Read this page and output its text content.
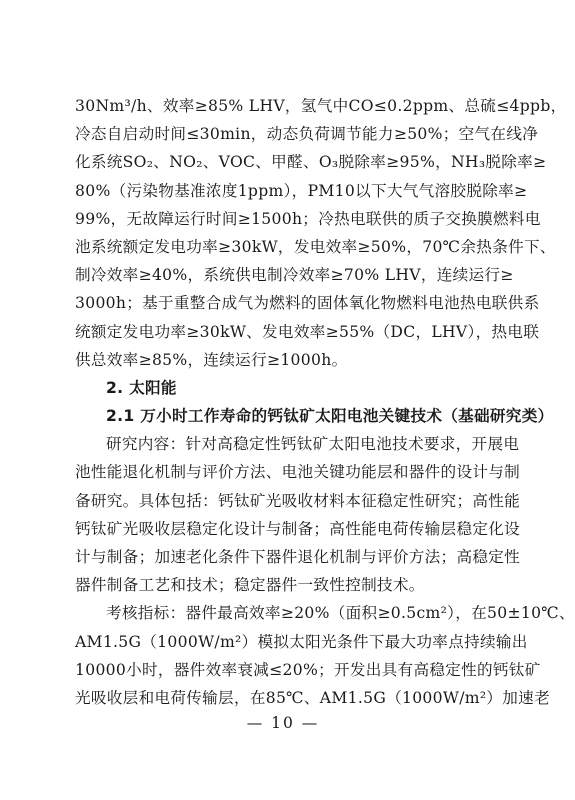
30Nm³/h、效率≥85% LHV，氢气中CO≤0.2ppm、总硫≤4ppb，
冷态自启动时间≤30min，动态负荷调节能力≥50%；空气在线净
化系统SO₂、NO₂、VOC、甲醛、O₃脱除率≥95%，NH₃脱除率≥
80%（污染物基准浓度1ppm），PM10以下大气气溶胶脱除率≥
99%，无故障运行时间≥1500h；冷热电联供的质子交换膜燃料电
池系统额定发电功率≥30kW，发电效率≥50%，70℃余热条件下、
制冷效率≥40%，系统供电制冷效率≥70% LHV，连续运行≥
3000h；基于重整合成气为燃料的固体氧化物燃料电池热电联供系
统额定发电功率≥30kW、发电效率≥55%（DC，LHV），热电联
供总效率≥85%，连续运行≥1000h。
2. 太阳能
2.1 万小时工作寿命的钙钛矿太阳电池关键技术（基础研究类）
研究内容：针对高稳定性钙钛矿太阳电池技术要求，开展电
池性能退化机制与评价方法、电池关键功能层和器件的设计与制
备研究。具体包括：钙钛矿光吸收材料本征稳定性研究；高性能
钙钛矿光吸收层稳定化设计与制备；高性能电荷传输层稳定化设
计与制备；加速老化条件下器件退化机制与评价方法；高稳定性
器件制备工艺和技术；稳定器件一致性控制技术。
考核指标：器件最高效率≥20%（面积≥0.5cm²），在50±10℃、
AM1.5G（1000W/m²）模拟太阳光条件下最大功率点持续输出
10000小时，器件效率衰减≤20%；开发出具有高稳定性的钙钛矿
光吸收层和电荷传输层，在85℃、AM1.5G（1000W/m²）加速老
— 10 —
